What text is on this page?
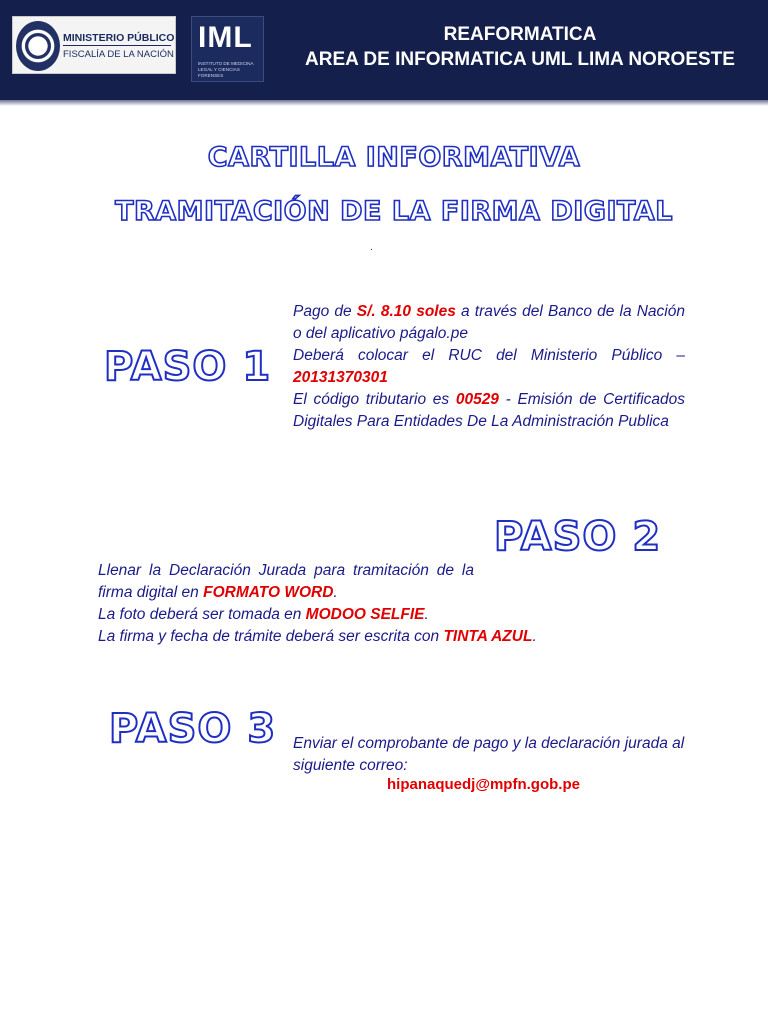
MINISTERIO PÚBLICO
FISCALÍA DE LA NACIÓN
IML
INSTITUTO DE MEDICINA LEGAL Y CIENCIAS FORENSES
REAFORMATICA
AREA DE INFORMATICA UML LIMA NOROESTE
CARTILLA INFORMATIVA
TRAMITACIÓN DE LA FIRMA DIGITAL
.
PASO 1
Pago de S/. 8.10 soles a través del Banco de la Nación o del aplicativo págalo.pe
Deberá colocar el RUC del Ministerio Público – 20131370301
El código tributario es 00529 - Emisión de Certificados Digitales Para Entidades De La Administración Publica
PASO 2
Llenar la Declaración Jurada para tramitación de la
firma digital en FORMATO WORD.
La foto deberá ser tomada en MODOO SELFIE.
La firma y fecha de trámite deberá ser escrita con TINTA AZUL.
PASO 3 Enviar el comprobante de pago y la declaración jurada al siguiente correo:
hipanaquedj@mpfn.gob.pe
